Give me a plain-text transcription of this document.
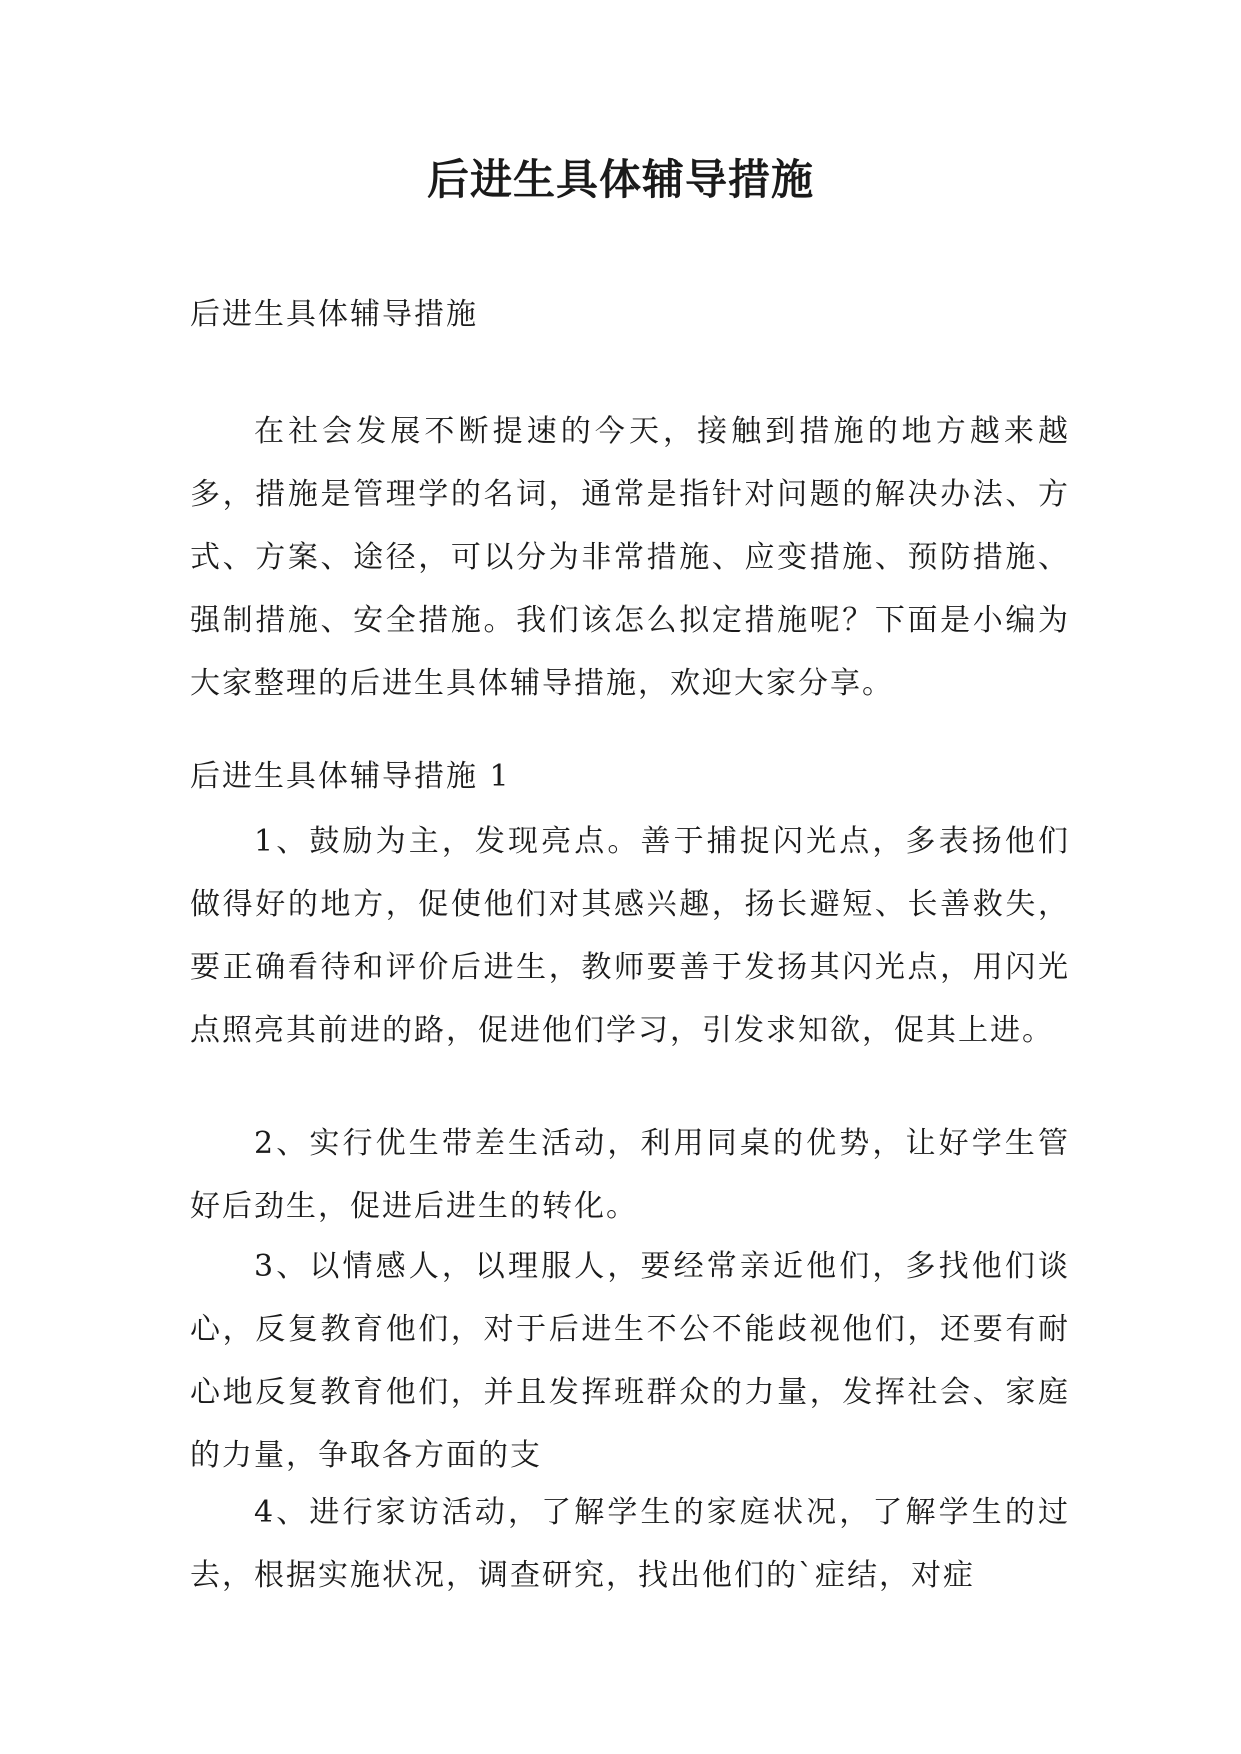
后进生具体辅导措施

后进生具体辅导措施

在社会发展不断提速的今天，接触到措施的地方越来越多，措施是管理学的名词，通常是指针对问题的解决办法、方式、方案、途径，可以分为非常措施、应变措施、预防措施、强制措施、安全措施。我们该怎么拟定措施呢？下面是小编为大家整理的后进生具体辅导措施，欢迎大家分享。

后进生具体辅导措施 1

1、鼓励为主，发现亮点。善于捕捉闪光点，多表扬他们做得好的地方，促使他们对其感兴趣，扬长避短、长善救失，要正确看待和评价后进生，教师要善于发扬其闪光点，用闪光点照亮其前进的路，促进他们学习，引发求知欲，促其上进。

2、实行优生带差生活动，利用同桌的优势，让好学生管好后劲生，促进后进生的转化。

3、以情感人，以理服人，要经常亲近他们，多找他们谈心，反复教育他们，对于后进生不公不能歧视他们，还要有耐心地反复教育他们，并且发挥班群众的力量，发挥社会、家庭的力量，争取各方面的支

4、进行家访活动，了解学生的家庭状况，了解学生的过去，根据实施状况，调查研究，找出他们的`症结，对症
